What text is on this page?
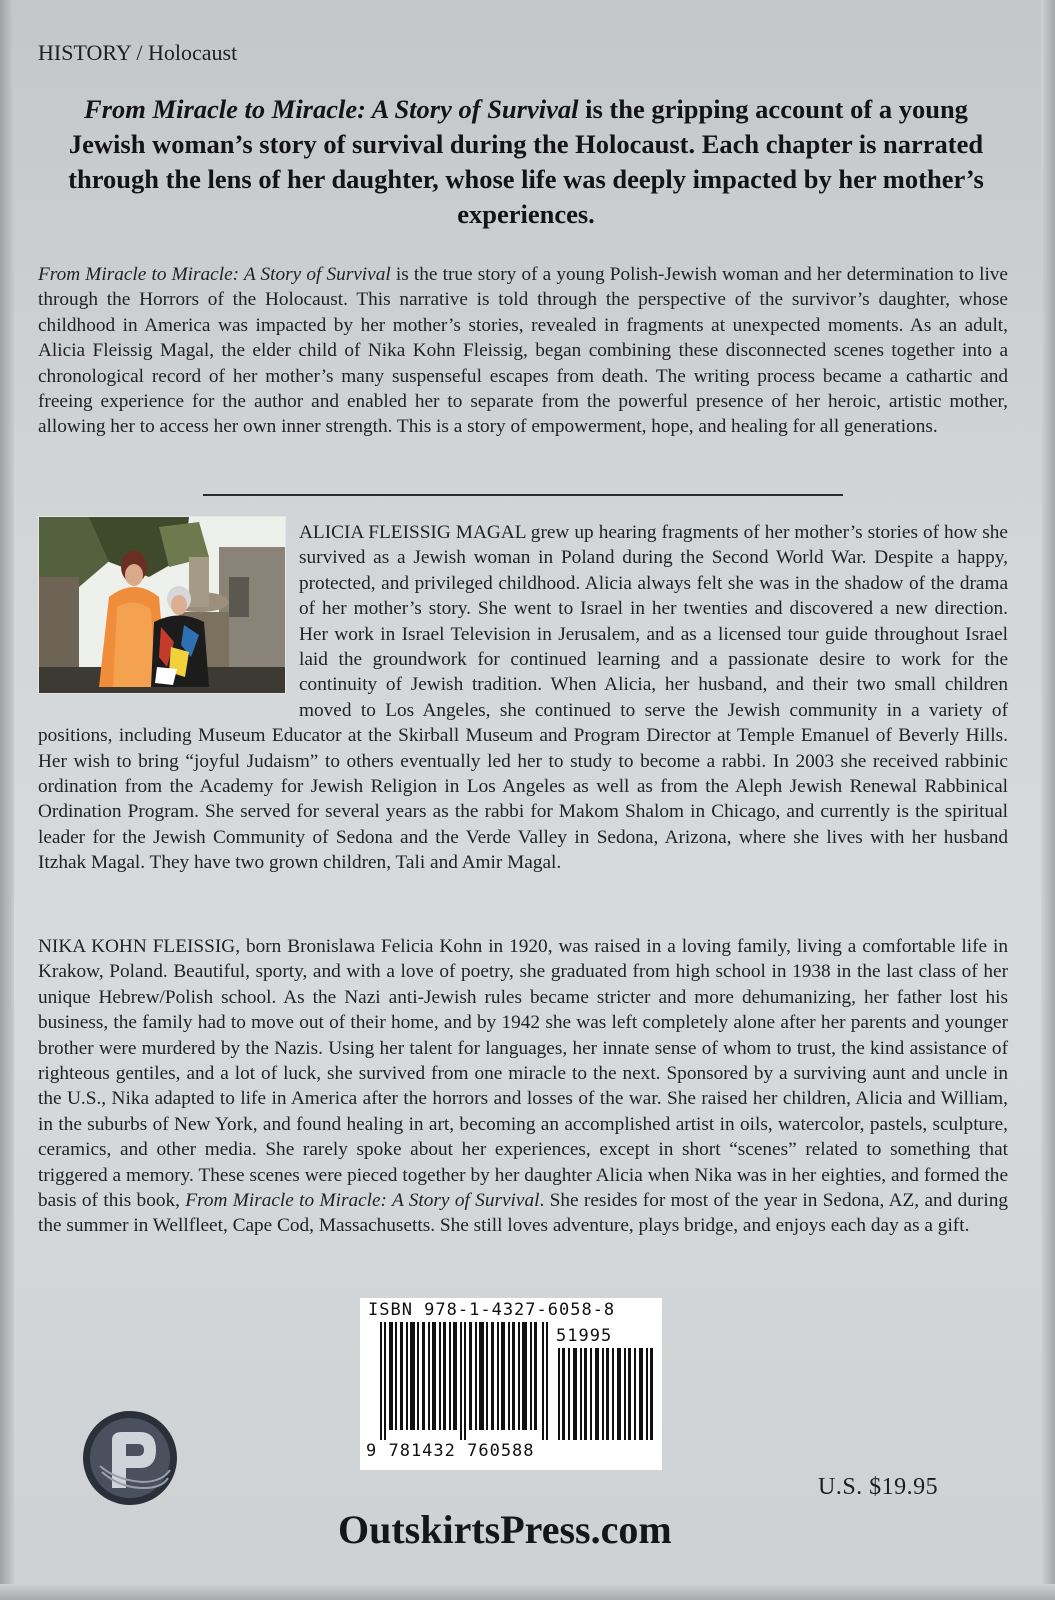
HISTORY / Holocaust
From Miracle to Miracle: A Story of Survival is the gripping account of a young Jewish woman’s story of survival during the Holocaust. Each chapter is narrated through the lens of her daughter, whose life was deeply impacted by her mother’s experiences.
From Miracle to Miracle: A Story of Survival is the true story of a young Polish-Jewish woman and her determination to live through the Horrors of the Holocaust. This narrative is told through the perspective of the survivor’s daughter, whose childhood in America was impacted by her mother’s stories, revealed in fragments at unexpected moments. As an adult, Alicia Fleissig Magal, the elder child of Nika Kohn Fleissig, began combining these disconnected scenes together into a chronological record of her mother’s many suspenseful escapes from death. The writing process became a cathartic and freeing experience for the author and enabled her to separate from the powerful presence of her heroic, artistic mother, allowing her to access her own inner strength. This is a story of empowerment, hope, and healing for all generations.
ALICIA FLEISSIG MAGAL grew up hearing fragments of her mother’s stories of how she survived as a Jewish woman in Poland during the Second World War. Despite a happy, protected, and privileged childhood. Alicia always felt she was in the shadow of the drama of her mother’s story. She went to Israel in her twenties and discovered a new direction. Her work in Israel Television in Jerusalem, and as a licensed tour guide throughout Israel laid the groundwork for continued learning and a passionate desire to work for the continuity of Jewish tradition. When Alicia, her husband, and their two small children moved to Los Angeles, she continued to serve the Jewish community in a variety of positions, including Museum Educator at the Skirball Museum and Program Director at Temple Emanuel of Beverly Hills. Her wish to bring “joyful Judaism” to others eventually led her to study to become a rabbi. In 2003 she received rabbinic ordination from the Academy for Jewish Religion in Los Angeles as well as from the Aleph Jewish Renewal Rabbinical Ordination Program. She served for several years as the rabbi for Makom Shalom in Chicago, and currently is the spiritual leader for the Jewish Community of Sedona and the Verde Valley in Sedona, Arizona, where she lives with her husband Itzhak Magal. They have two grown children, Tali and Amir Magal.
NIKA KOHN FLEISSIG, born Bronislawa Felicia Kohn in 1920, was raised in a loving family, living a comfortable life in Krakow, Poland. Beautiful, sporty, and with a love of poetry, she graduated from high school in 1938 in the last class of her unique Hebrew/Polish school. As the Nazi anti-Jewish rules became stricter and more dehumanizing, her father lost his business, the family had to move out of their home, and by 1942 she was left completely alone after her parents and younger brother were murdered by the Nazis. Using her talent for languages, her innate sense of whom to trust, the kind assistance of righteous gentiles, and a lot of luck, she survived from one miracle to the next. Sponsored by a surviving aunt and uncle in the U.S., Nika adapted to life in America after the horrors and losses of the war. She raised her children, Alicia and William, in the suburbs of New York, and found healing in art, becoming an accomplished artist in oils, watercolor, pastels, sculpture, ceramics, and other media. She rarely spoke about her experiences, except in short “scenes” related to something that triggered a memory. These scenes were pieced together by her daughter Alicia when Nika was in her eighties, and formed the basis of this book, From Miracle to Miracle: A Story of Survival. She resides for most of the year in Sedona, AZ, and during the summer in Wellfleet, Cape Cod, Massachusetts. She still loves adventure, plays bridge, and enjoys each day as a gift.
ISBN 978-1-4327-6058-8
51995
9 781432 760588
U.S. $19.95
OutskirtsPress.com
